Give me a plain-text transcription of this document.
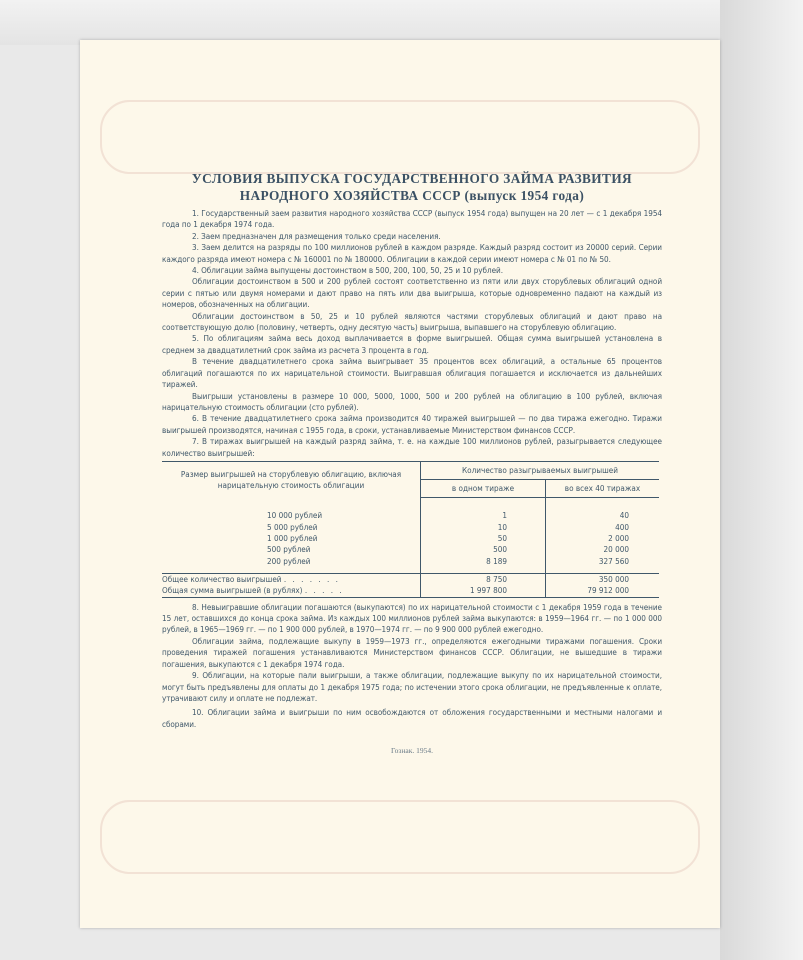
УСЛОВИЯ ВЫПУСКА ГОСУДАРСТВЕННОГО ЗАЙМА РАЗВИТИЯ
НАРОДНОГО ХОЗЯЙСТВА СССР (выпуск 1954 года)

1. Государственный заем развития народного хозяйства СССР (выпуск 1954 года) выпущен на 20 лет — с 1 декабря 1954 года по 1 декабря 1974 года.

2. Заем предназначен для размещения только среди населения.

3. Заем делится на разряды по 100 миллионов рублей в каждом разряде. Каждый разряд состоит из 20000 серий. Серии каждого разряда имеют номера с № 160001 по № 180000. Облигации в каждой серии имеют номера с № 01 по № 50.

4. Облигации займа выпущены достоинством в 500, 200, 100, 50, 25 и 10 рублей.

Облигации достоинством в 500 и 200 рублей состоят соответственно из пяти или двух сторублевых облигаций одной серии с пятью или двумя номерами и дают право на пять или два выигрыша, которые одновременно падают на каждый из номеров, обозначенных на облигации.

Облигации достоинством в 50, 25 и 10 рублей являются частями сторублевых облигаций и дают право на соответствующую долю (половину, четверть, одну десятую часть) выигрыша, выпавшего на сторублевую облигацию.

5. По облигациям займа весь доход выплачивается в форме выигрышей. Общая сумма выигрышей установлена в среднем за двадцатилетний срок займа из расчета 3 процента в год.

В течение двадцатилетнего срока займа выигрывает 35 процентов всех облигаций, а остальные 65 процентов облигаций погашаются по их нарицательной стоимости. Выигравшая облигация погашается и исключается из дальнейших тиражей.

Выигрыши установлены в размере 10 000, 5000, 1000, 500 и 200 рублей на облигацию в 100 рублей, включая нарицательную стоимость облигации (сто рублей).

6. В течение двадцатилетнего срока займа производится 40 тиражей выигрышей — по два тиража ежегодно. Тиражи выигрышей производятся, начиная с 1955 года, в сроки, устанавливаемые Министерством финансов СССР.

7. В тиражах выигрышей на каждый разряд займа, т. е. на каждые 100 миллионов рублей, разыгрывается следующее количество выигрышей:

Размер выигрышей на сторублевую облигацию, включая нарицательную стоимость облигации	Количество разыгрываемых выигрышей	
	в одном тираже	во всех 40 тиражах

10 000 рублей	1	40
5 000 рублей	10	400
1 000 рублей	50	2 000
500 рублей	500	20 000
200 рублей	8 189	327 560

Общее количество выигрышей . . . . . . .	8 750	350 000
Общая сумма выигрышей (в рублях) . . . . .	1 997 800	79 912 000

8. Невыигравшие облигации погашаются (выкупаются) по их нарицательной стоимости с 1 декабря 1959 года в течение 15 лет, оставшихся до конца срока займа. Из каждых 100 миллионов рублей займа выкупаются: в 1959—1964 гг. — по 1 000 000 рублей, в 1965—1969 гг. — по 1 900 000 рублей, в 1970—1974 гг. — по 9 900 000 рублей ежегодно.

Облигации займа, подлежащие выкупу в 1959—1973 гг., определяются ежегодными тиражами погашения. Сроки проведения тиражей погашения устанавливаются Министерством финансов СССР. Облигации, не вышедшие в тиражи погашения, выкупаются с 1 декабря 1974 года.

9. Облигации, на которые пали выигрыши, а также облигации, подлежащие выкупу по их нарицательной стоимости, могут быть предъявлены для оплаты до 1 декабря 1975 года; по истечении этого срока облигации, не предъявленные к оплате, утрачивают силу и оплате не подлежат.

10. Облигации займа и выигрыши по ним освобождаются от обложения государственными и местными налогами и сборами.

Гознак. 1954.
